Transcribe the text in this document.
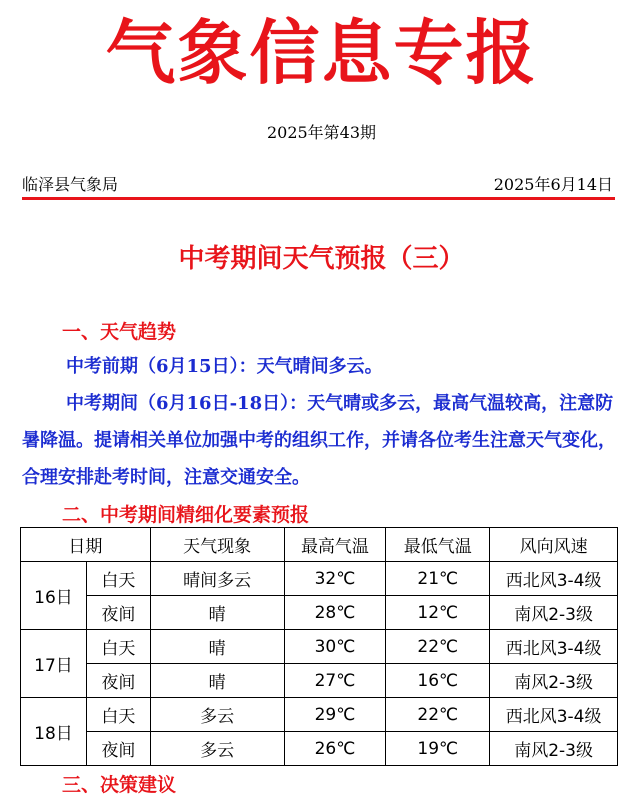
气象信息专报
2025年第43期
临泽县气象局	2025年6月14日
中考期间天气预报（三）
一、天气趋势
中考前期（6月15日）：天气晴间多云。
中考期间（6月16日-18日）：天气晴或多云，最高气温较高，注意防暑降温。提请相关单位加强中考的组织工作，并请各位考生注意天气变化，合理安排赴考时间，注意交通安全。
二、中考期间精细化要素预报
日期		天气现象	最高气温	最低气温	风向风速
16日	白天	晴间多云	32℃	21℃	西北风3-4级
	夜间	晴	28℃	12℃	南风2-3级
17日	白天	晴	30℃	22℃	西北风3-4级
	夜间	晴	27℃	16℃	南风2-3级
18日	白天	多云	29℃	22℃	西北风3-4级
	夜间	多云	26℃	19℃	南风2-3级
三、决策建议
